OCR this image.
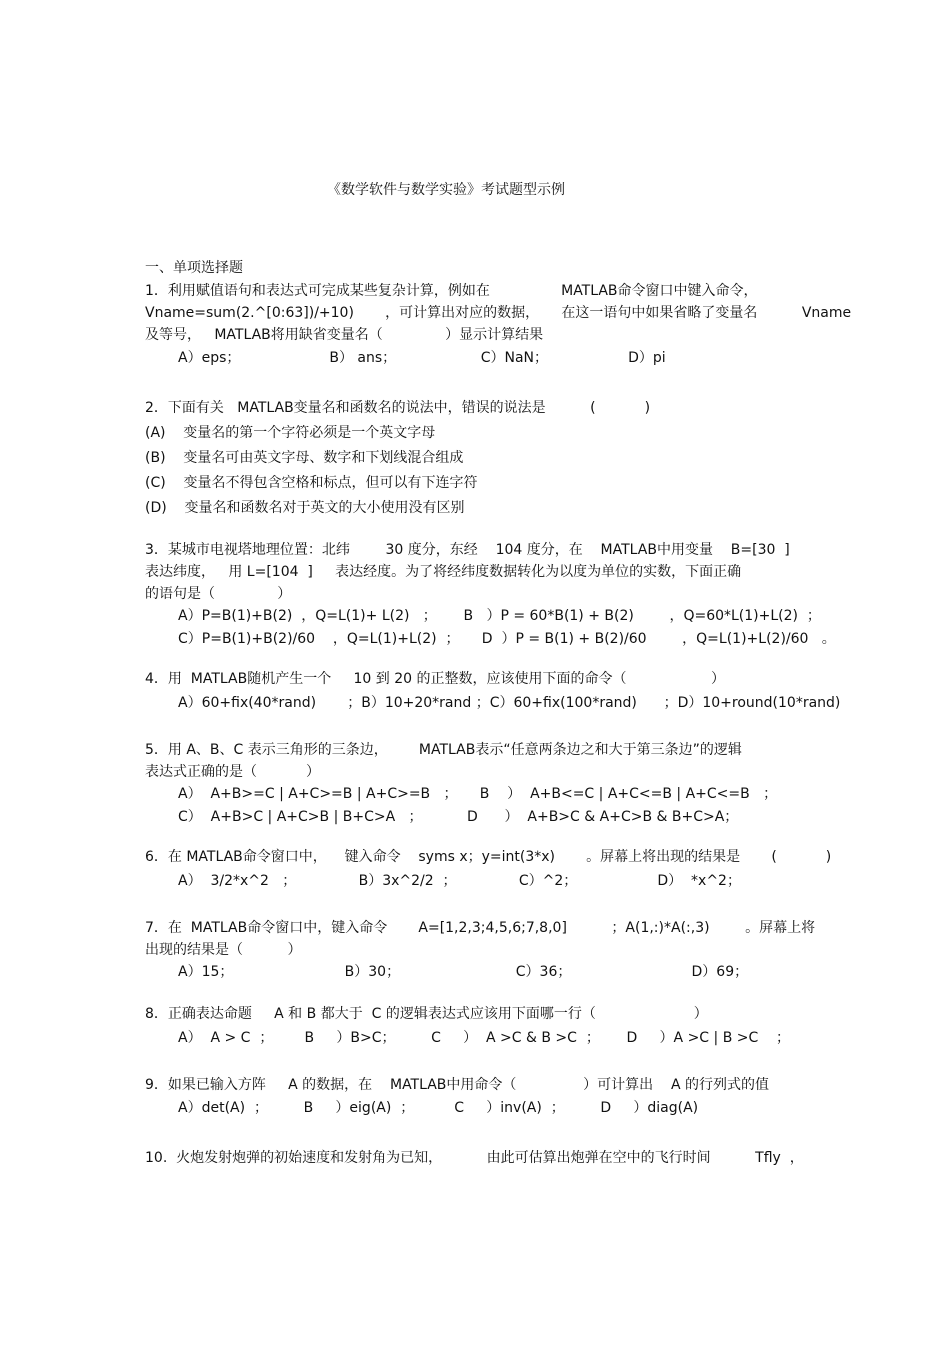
《数学软件与数学实验》考试题型示例
一、单项选择题
1．利用赋值语句和表达式可完成某些复杂计算，例如在                MATLAB命令窗口中键入命令，
Vname=sum(2.^[0:63])/+10)       ，可计算出对应的数据，     在这一语句中如果省略了变量名          Vname
及等号，   MATLAB将用缺省变量名（              ）显示计算结果
A）eps；                    B） ans；                   C）NaN；                  D）pi
2．下面有关   MATLAB变量名和函数名的说法中，错误的说法是          (           )
(A)    变量名的第一个字符必须是一个英文字母
(B)    变量名可由英文字母、数字和下划线混合组成
(C)    变量名不得包含空格和标点，但可以有下连字符
(D)    变量名和函数名对于英文的大小使用没有区别
3．某城市电视塔地理位置：北纬        30 度分，东经    104 度分，在    MATLAB中用变量    B=[30  ]
表达纬度，   用 L=[104  ]     表达经度。为了将经纬度数据转化为以度为单位的实数，下面正确
的语句是（              ）
A）P=B(1)+B(2)  ，Q=L(1)+ L(2)   ；      B   ）P = 60*B(1) + B(2)        ，Q=60*L(1)+L(2)  ；
C）P=B(1)+B(2)/60    ，Q=L(1)+L(2)  ；     D  ）P = B(1) + B(2)/60        ，Q=L(1)+L(2)/60   。
4．用  MATLAB随机产生一个     10 到 20 的正整数，应该使用下面的命令（                   ）
A）60+fix(40*rand)       ；B）10+20*rand ；C）60+fix(100*rand)      ；D）10+round(10*rand)
5．用 A、B、C 表示三角形的三条边，       MATLAB表示“任意两条边之和大于第三条边”的逻辑
表达式正确的是（           ）
A）  A+B>=C | A+C>=B | A+C>=B   ；     B    ）  A+B<=C | A+C<=B | A+C<=B   ；
C）  A+B>C | A+C>B | B+C>A   ；          D      ）  A+B>C & A+C>B & B+C>A；
6．在 MATLAB命令窗口中，    键入命令    syms x；y=int(3*x)       。屏幕上将出现的结果是       (           )
A）  3/2*x^2   ；              B）3x^2/2  ；              C）^2；                  D）  *x^2；
7．在  MATLAB命令窗口中，键入命令       A=[1,2,3;4,5,6;7,8,0]          ；A(1,:)*A(:,3)        。屏幕上将
出现的结果是（          ）
A）15；                         B）30；                          C）36；                           D）69；
8．正确表达命题     A 和 B 都大于  C 的逻辑表达式应该用下面哪一行（                      ）
A）  A > C  ；       B     ）B>C；        C     ）  A >C & B >C  ；      D     ）A >C | B >C    ；
9．如果已输入方阵     A 的数据，在    MATLAB中用命令（               ）可计算出    A 的行列式的值
A）det(A)  ；        B     ）eig(A)  ；         C     ）inv(A)  ；        D     ）diag(A)
10.  火炮发射炮弹的初始速度和发射角为已知，          由此可估算出炮弹在空中的飞行时间          Tfly  ，
